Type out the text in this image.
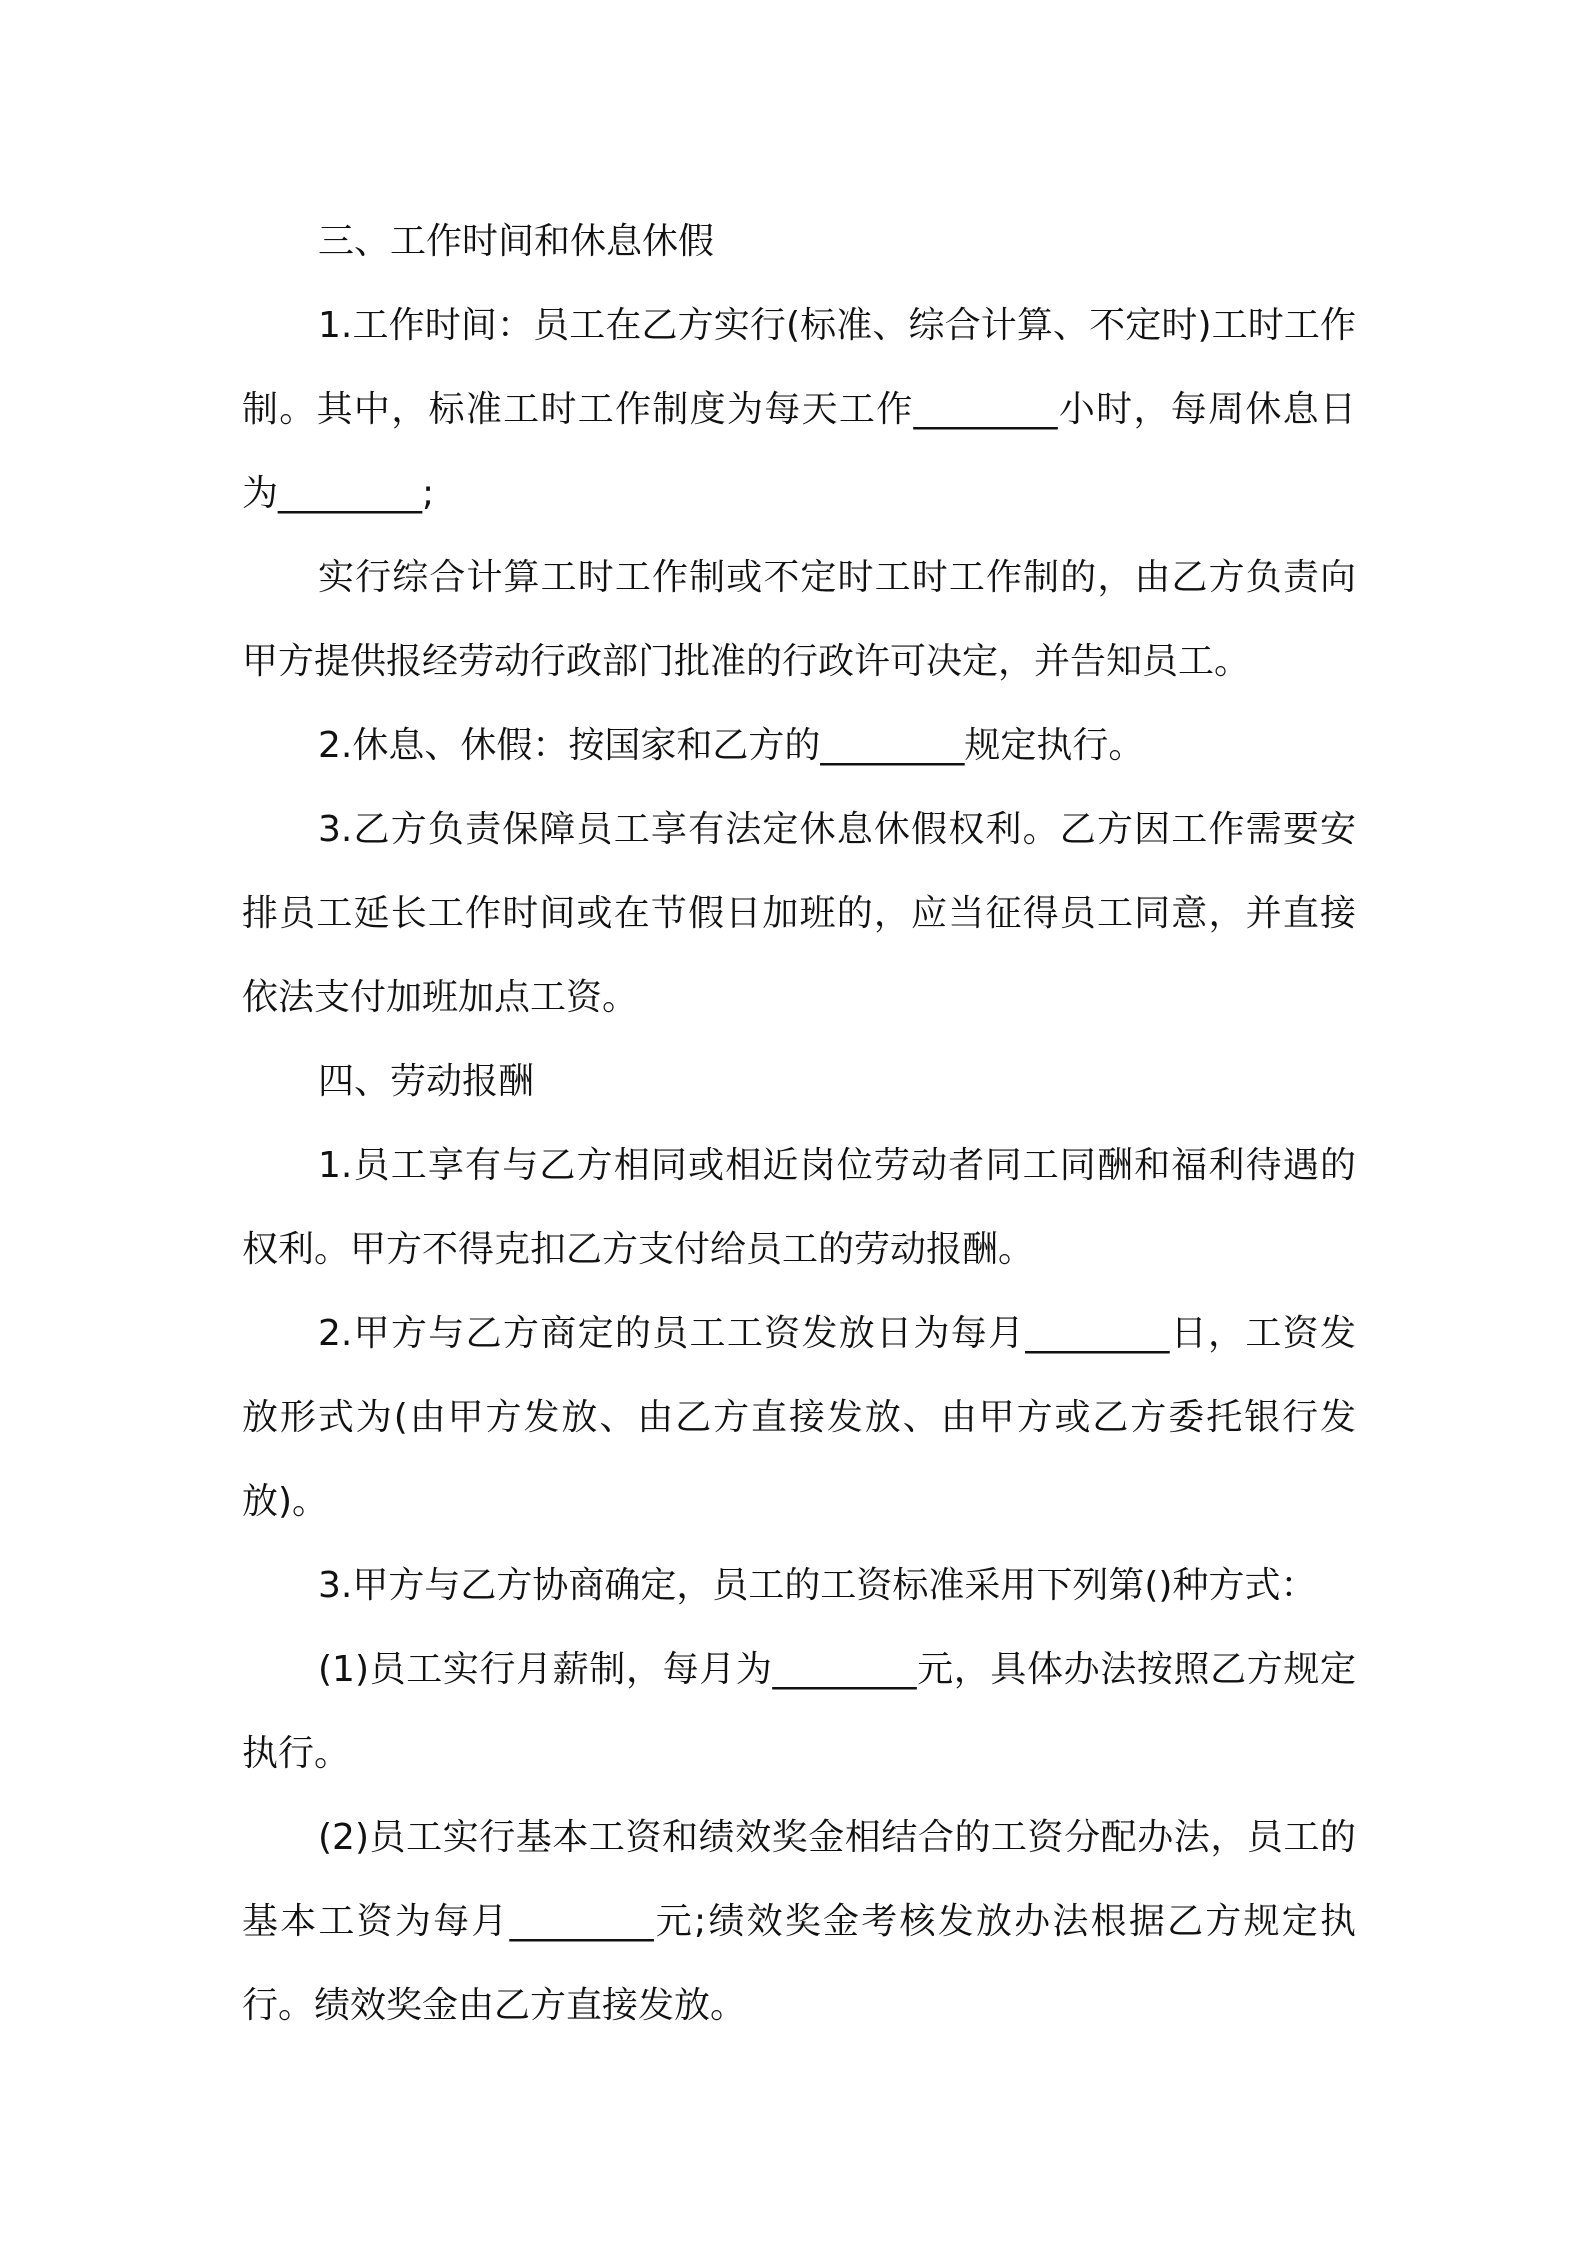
三、工作时间和休息休假

1.工作时间：员工在乙方实行(标准、综合计算、不定时)工时工作制。其中，标准工时工作制度为每天工作________小时，每周休息日为________;

实行综合计算工时工作制或不定时工时工作制的，由乙方负责向甲方提供报经劳动行政部门批准的行政许可决定，并告知员工。

2.休息、休假：按国家和乙方的________规定执行。

3.乙方负责保障员工享有法定休息休假权利。乙方因工作需要安排员工延长工作时间或在节假日加班的，应当征得员工同意，并直接依法支付加班加点工资。

四、劳动报酬

1.员工享有与乙方相同或相近岗位劳动者同工同酬和福利待遇的权利。甲方不得克扣乙方支付给员工的劳动报酬。

2.甲方与乙方商定的员工工资发放日为每月________日，工资发放形式为(由甲方发放、由乙方直接发放、由甲方或乙方委托银行发放)。

3.甲方与乙方协商确定，员工的工资标准采用下列第()种方式：

(1)员工实行月薪制，每月为________元，具体办法按照乙方规定执行。

(2)员工实行基本工资和绩效奖金相结合的工资分配办法，员工的基本工资为每月________元;绩效奖金考核发放办法根据乙方规定执行。绩效奖金由乙方直接发放。
